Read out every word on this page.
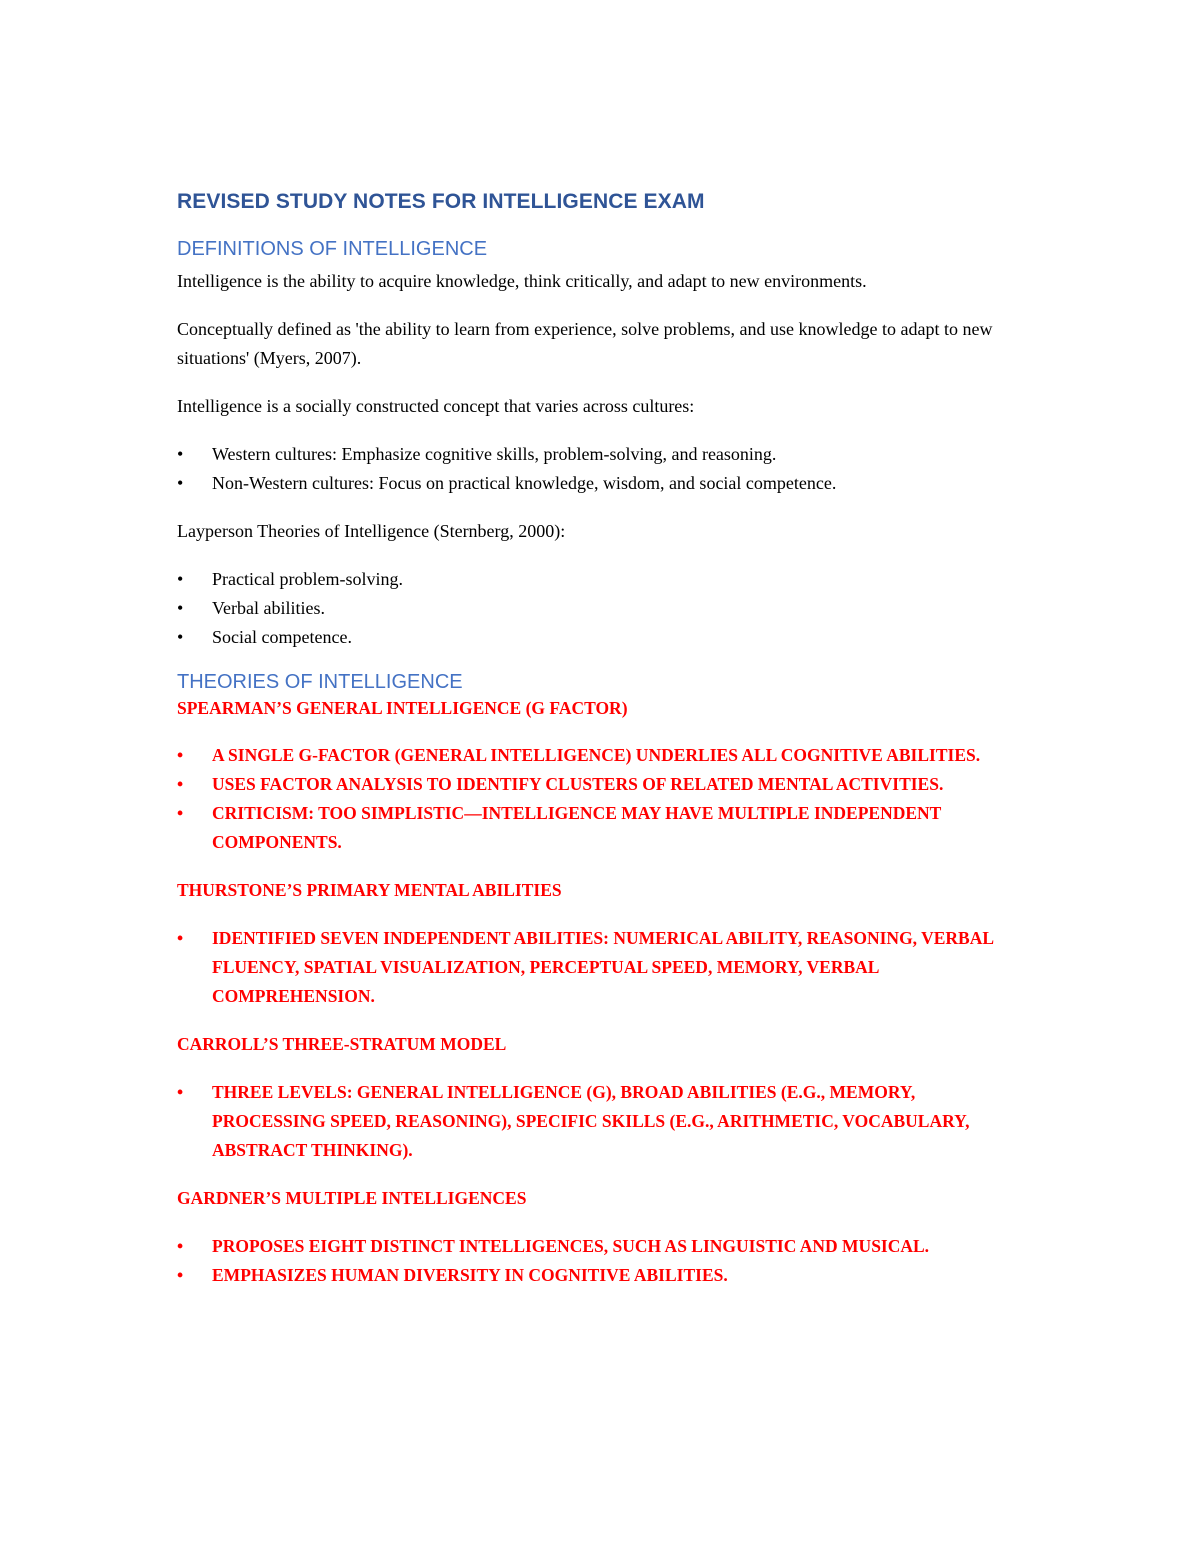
REVISED STUDY NOTES FOR INTELLIGENCE EXAM
DEFINITIONS OF INTELLIGENCE

Intelligence is the ability to acquire knowledge, think critically, and adapt to new environments.

Conceptually defined as 'the ability to learn from experience, solve problems, and use knowledge to adapt to new situations' (Myers, 2007).

Intelligence is a socially constructed concept that varies across cultures:

• Western cultures: Emphasize cognitive skills, problem-solving, and reasoning.
• Non-Western cultures: Focus on practical knowledge, wisdom, and social competence.

Layperson Theories of Intelligence (Sternberg, 2000):

• Practical problem-solving.
• Verbal abilities.
• Social competence.
THEORIES OF INTELLIGENCE
SPEARMAN’S GENERAL INTELLIGENCE (G FACTOR)
• A SINGLE G-FACTOR (GENERAL INTELLIGENCE) UNDERLIES ALL COGNITIVE ABILITIES.
• USES FACTOR ANALYSIS TO IDENTIFY CLUSTERS OF RELATED MENTAL ACTIVITIES.
• CRITICISM: TOO SIMPLISTIC—INTELLIGENCE MAY HAVE MULTIPLE INDEPENDENT COMPONENTS.
THURSTONE’S PRIMARY MENTAL ABILITIES
• IDENTIFIED SEVEN INDEPENDENT ABILITIES: NUMERICAL ABILITY, REASONING, VERBAL FLUENCY, SPATIAL VISUALIZATION, PERCEPTUAL SPEED, MEMORY, VERBAL COMPREHENSION.
CARROLL’S THREE-STRATUM MODEL
• THREE LEVELS: GENERAL INTELLIGENCE (G), BROAD ABILITIES (E.G., MEMORY, PROCESSING SPEED, REASONING), SPECIFIC SKILLS (E.G., ARITHMETIC, VOCABULARY, ABSTRACT THINKING).
GARDNER’S MULTIPLE INTELLIGENCES
• PROPOSES EIGHT DISTINCT INTELLIGENCES, SUCH AS LINGUISTIC AND MUSICAL.
• EMPHASIZES HUMAN DIVERSITY IN COGNITIVE ABILITIES.
